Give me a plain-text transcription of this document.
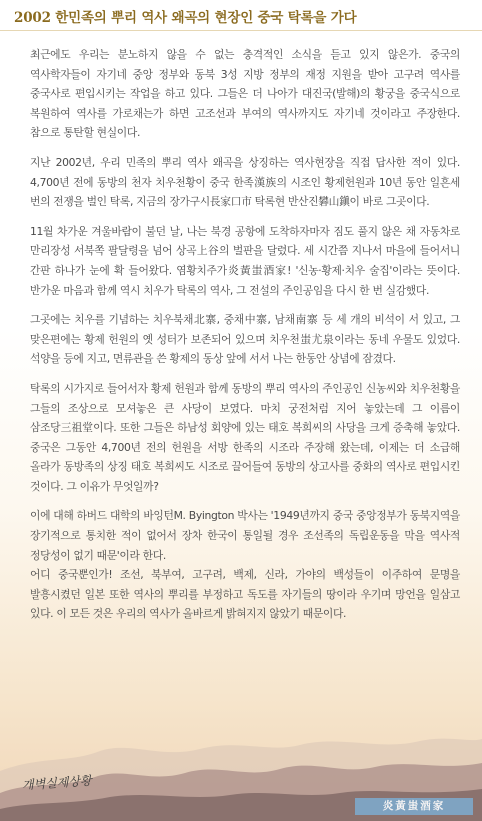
2002 한민족의 뿌리 역사 왜곡의 현장인 중국 탁록을 가다

최근에도 우리는 분노하지 않을 수 없는 충격적인 소식을 듣고 있지 않은가. 중국의 역사학자들이 자기네 중앙 정부와 동북 3성 지방 정부의 재정 지원을 받아 고구려 역사를 중국사로 편입시키는 작업을 하고 있다. 그들은 더 나아가 대진국(발해)의 황궁을 중국식으로 복원하여 역사를 가로채는가 하면 고조선과 부여의 역사까지도 자기네 것이라고 주장한다. 참으로 통탄할 현실이다.

지난 2002년, 우리 민족의 뿌리 역사 왜곡을 상징하는 역사현장을 직접 답사한 적이 있다. 4,700년 전에 동방의 천자 치우천황이 중국 한족漢族의 시조인 황제헌원과 10년 동안 일흔세 번의 전쟁을 벌인 탁록, 지금의 장가구시長家口市 탁록현 반산진礬山鎭이 바로 그곳이다.

11월 차가운 겨울바람이 불던 날, 나는 북경 공항에 도착하자마자 짐도 풀지 않은 채 자동차로 만리장성 서북쪽 팔달령을 넘어 상곡上谷의 벌판을 달렸다. 세 시간쯤 지나서 마을에 들어서니 간판 하나가 눈에 확 들어왔다. 염황치주가炎黃蚩酒家! '신농·황제·치우 술집'이라는 뜻이다. 반가운 마음과 함께 역시 치우가 탁록의 역사, 그 전설의 주인공임을 다시 한 번 실감했다.

그곳에는 치우를 기념하는 치우북채北寨, 중채中寨, 남채南寨 등 세 개의 비석이 서 있고, 그 맞은편에는 황제 헌원의 옛 성터가 보존되어 있으며 치우천蚩尤泉이라는 동네 우물도 있었다. 석양을 등에 지고, 면류관을 쓴 황제의 동상 앞에 서서 나는 한동안 상념에 잠겼다.

탁록의 시가지로 들어서자 황제 헌원과 함께 동방의 뿌리 역사의 주인공인 신농씨와 치우천황을 그들의 조상으로 모셔놓은 큰 사당이 보였다. 마치 궁전처럼 지어 놓았는데 그 이름이 삼조당三祖堂이다. 또한 그들은 하남성 회양에 있는 태호 복희씨의 사당을 크게 증축해 놓았다. 중국은 그동안 4,700년 전의 헌원을 서방 한족의 시조라 주장해 왔는데, 이제는 더 소급해 올라가 동방족의 상징 태호 복희씨도 시조로 끌어들여 동방의 상고사를 중화의 역사로 편입시킨 것이다. 그 이유가 무엇일까?

이에 대해 하버드 대학의 바잉턴M. Byington 박사는 '1949년까지 중국 중앙정부가 동북지역을 장기적으로 통치한 적이 없어서 장차 한국이 통일될 경우 조선족의 독립운동을 막을 역사적 정당성이 없기 때문'이라 한다.

어디 중국뿐인가! 조선, 북부여, 고구려, 백제, 신라, 가야의 백성들이 이주하여 문명을 발흥시켰던 일본 또한 역사의 뿌리를 부정하고 독도를 자기들의 땅이라 우기며 망언을 일삼고 있다. 이 모든 것은 우리의 역사가 올바르게 밝혀지지 않았기 때문이다.

개벽실제상황
炎黃蚩酒家
